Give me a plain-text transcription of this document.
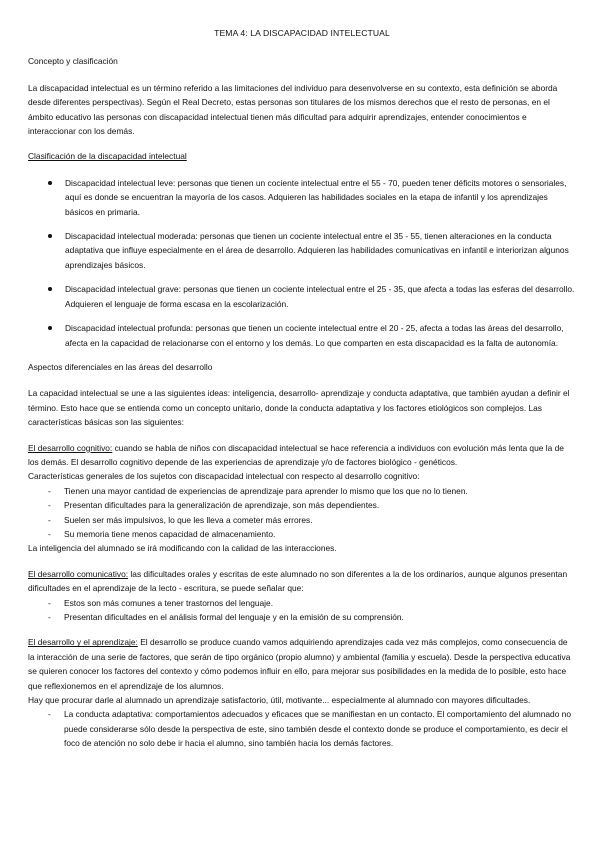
TEMA 4: LA DISCAPACIDAD INTELECTUAL
Concepto y clasificación

La discapacidad intelectual es un término referido a las limitaciones del individuo para desenvolverse en su contexto, esta definición se aborda desde diferentes perspectivas). Según el Real Decreto, estas personas son titulares de los mismos derechos que el resto de personas, en el ámbito educativo las personas con discapacidad intelectual tienen más dificultad para adquirir aprendizajes, entender conocimientos e interaccionar con los demás.

Clasificación de la discapacidad intelectual
Discapacidad intelectual leve: personas que tienen un cociente intelectual entre el 55 - 70, pueden tener déficits motores o sensoriales, aquí es donde se encuentran la mayoría de los casos. Adquieren las habilidades sociales en la etapa de infantil y los aprendizajes básicos en primaria.
Discapacidad intelectual moderada: personas que tienen un cociente intelectual entre el 35 - 55, tienen alteraciones en la conducta adaptativa que influye especialmente en el área de desarrollo. Adquieren las habilidades comunicativas en infantil e interiorizan algunos aprendizajes básicos.
Discapacidad intelectual grave: personas que tienen un cociente intelectual entre el 25 - 35, que afecta a todas las esferas del desarrollo. Adquieren el lenguaje de forma escasa en la escolarización.
Discapacidad intelectual profunda: personas que tienen un cociente intelectual entre el 20 - 25, afecta a todas las áreas del desarrollo, afecta en la capacidad de relacionarse con el entorno y los demás. Lo que comparten en esta discapacidad es la falta de autonomía.
Aspectos diferenciales en las áreas del desarrollo

La capacidad intelectual se une a las siguientes ideas: inteligencia, desarrollo- aprendizaje y conducta adaptativa, que también ayudan a definir el término. Esto hace que se entienda como un concepto unitario, donde la conducta adaptativa y los factores etiológicos son complejos. Las características básicas son las siguientes:

El desarrollo cognitivo: cuando se habla de niños con discapacidad intelectual se hace referencia a individuos con evolución más lenta que la de los demás. El desarrollo cognitivo depende de las experiencias de aprendizaje y/o de factores biológico - genéticos.
Características generales de los sujetos con discapacidad intelectual con respecto al desarrollo cognitivo:
- Tienen una mayor cantidad de experiencias de aprendizaje para aprender lo mismo que los que no lo tienen.
- Presentan dificultades para la generalización de aprendizaje, son más dependientes.
- Suelen ser más impulsivos, lo que les lleva a cometer más errores.
- Su memoria tiene menos capacidad de almacenamiento.
La inteligencia del alumnado se irá modificando con la calidad de las interacciones.
El desarrollo comunicativo: las dificultades orales y escritas de este alumnado no son diferentes a la de los ordinarios, aunque algunos presentan dificultades en el aprendizaje de la lecto - escritura, se puede señalar que:
- Estos son más comunes a tener trastornos del lenguaje.
- Presentan dificultades en el análisis formal del lenguaje y en la emisión de su comprensión.
El desarrollo y el aprendizaje: El desarrollo se produce cuando vamos adquiriendo aprendizajes cada vez más complejos, como consecuencia de la interacción de una serie de factores, que serán de tipo orgánico (propio alumno) y ambiental (familia y escuela). Desde la perspectiva educativa se quieren conocer los factores del contexto y cómo podemos influir en ello, para mejorar sus posibilidades en la medida de lo posible, esto hace que reflexionemos en el aprendizaje de los alumnos.
Hay que procurar darle al alumnado un aprendizaje satisfactorio, útil, motivante... especialmente al alumnado con mayores dificultades.
- La conducta adaptativa: comportamientos adecuados y eficaces que se manifiestan en un contacto. El comportamiento del alumnado no puede considerarse sólo desde la perspectiva de este, sino también desde el contexto donde se produce el comportamiento, es decir el foco de atención no solo debe ir hacia el alumno, sino también hacia los demás factores.
